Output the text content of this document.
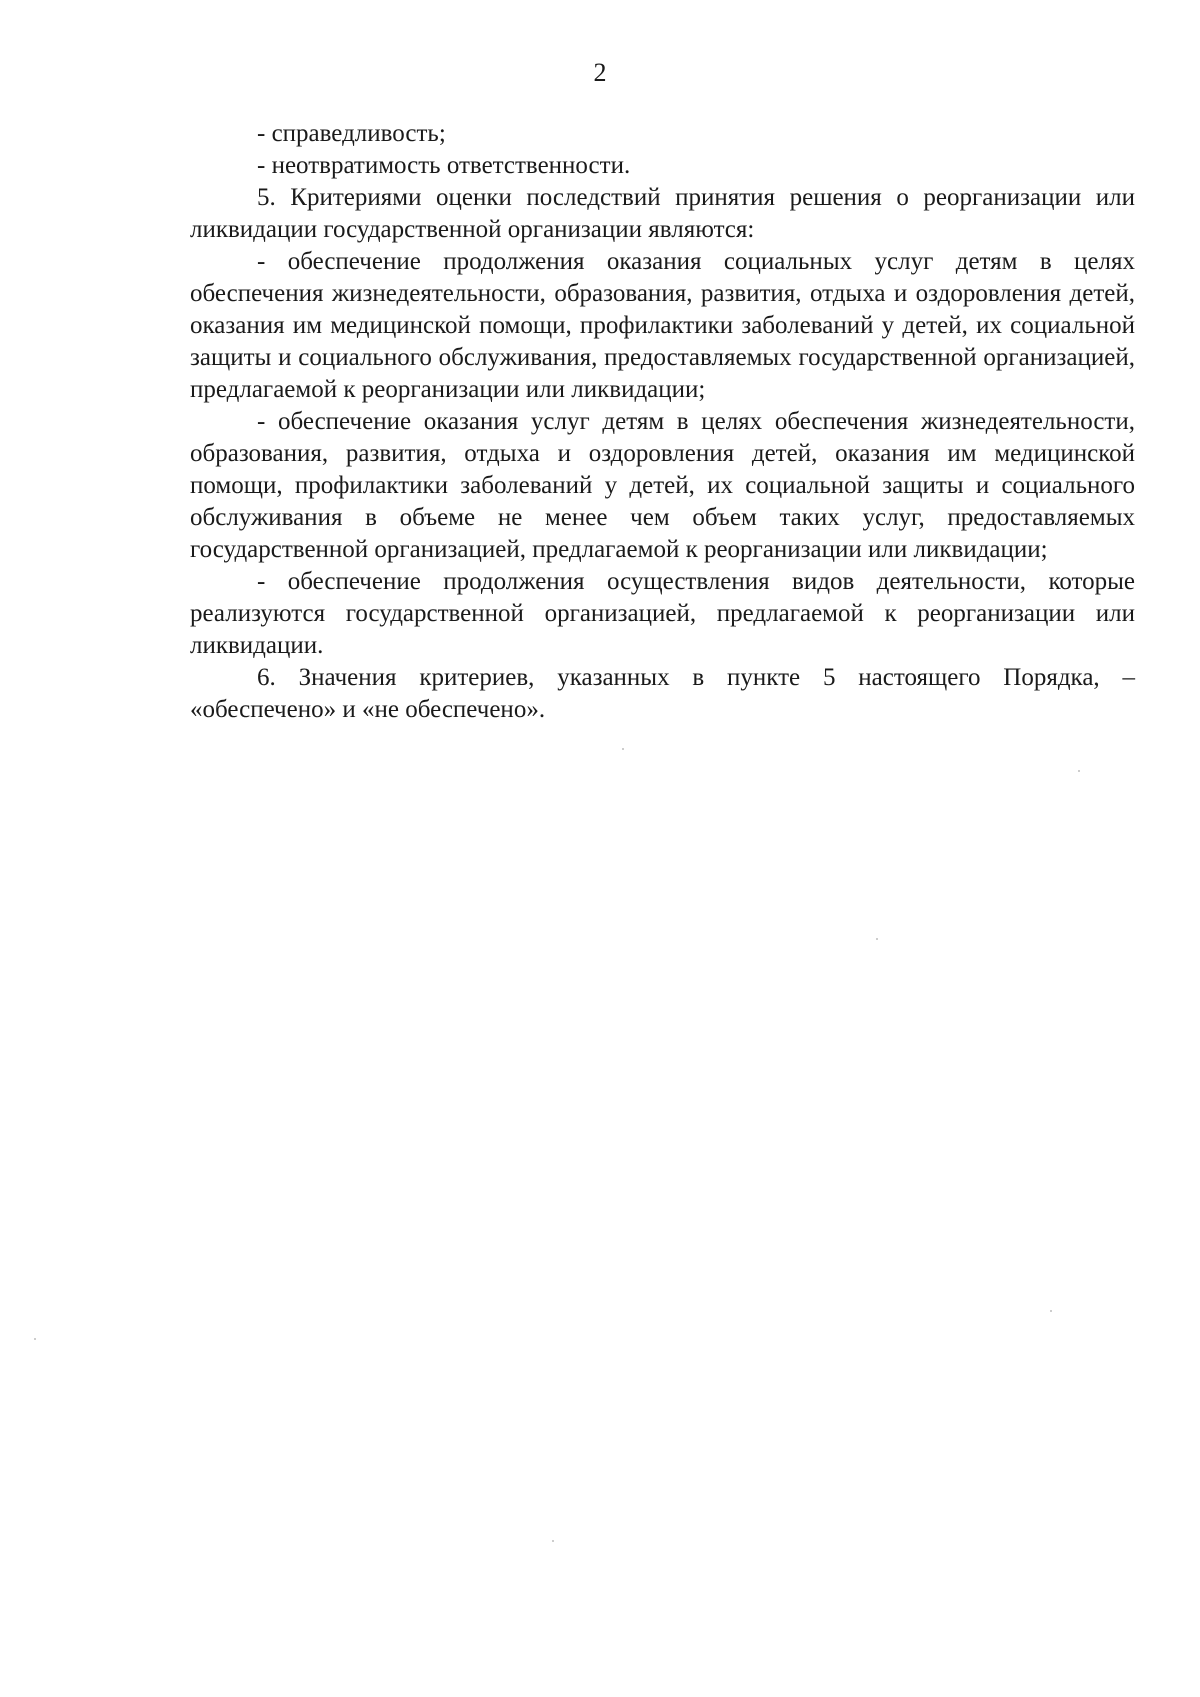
2

- справедливость;

- неотвратимость ответственности.

5. Критериями оценки последствий принятия решения о реорганизации или ликвидации государственной организации являются:

- обеспечение продолжения оказания социальных услуг детям в целях обеспечения жизнедеятельности, образования, развития, отдыха и оздоровления детей, оказания им медицинской помощи, профилактики заболеваний у детей, их социальной защиты и социального обслуживания, предоставляемых государственной организацией, предлагаемой к реорганизации или ликвидации;

- обеспечение оказания услуг детям в целях обеспечения жизнедеятельности, образования, развития, отдыха и оздоровления детей, оказания им медицинской помощи, профилактики заболеваний у детей, их социальной защиты и социального обслуживания в объеме не менее чем объем таких услуг, предоставляемых государственной организацией, предлагаемой к реорганизации или ликвидации;

- обеспечение продолжения осуществления видов деятельности, которые реализуются государственной организацией, предлагаемой к реорганизации или ликвидации.

6. Значения критериев, указанных в пункте 5 настоящего Порядка, – «обеспечено» и «не обеспечено».
